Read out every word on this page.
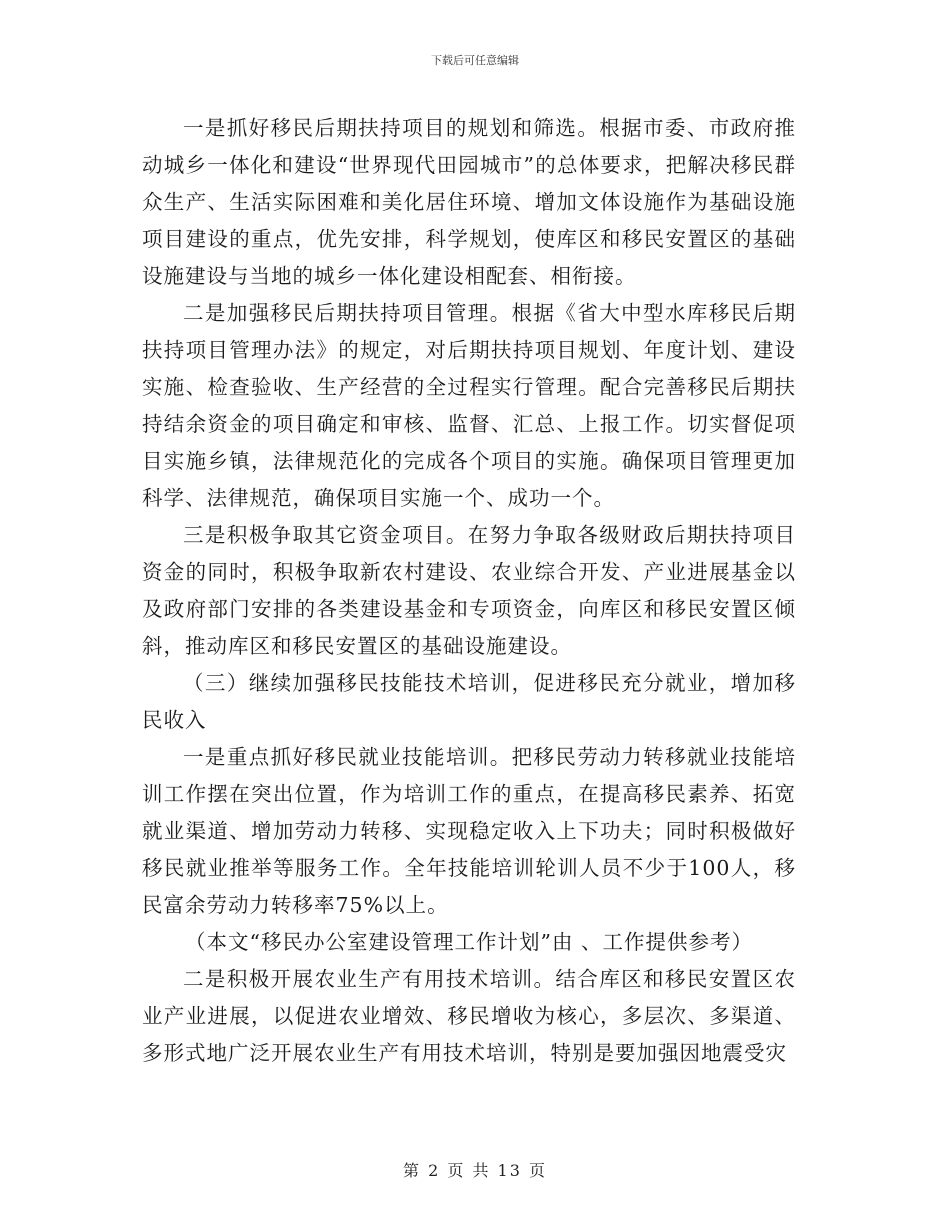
下载后可任意编辑

一是抓好移民后期扶持项目的规划和筛选。根据市委、市政府推动城乡一体化和建设“世界现代田园城市”的总体要求，把解决移民群众生产、生活实际困难和美化居住环境、增加文体设施作为基础设施项目建设的重点，优先安排，科学规划，使库区和移民安置区的基础设施建设与当地的城乡一体化建设相配套、相衔接。

二是加强移民后期扶持项目管理。根据《省大中型水库移民后期扶持项目管理办法》的规定，对后期扶持项目规划、年度计划、建设实施、检查验收、生产经营的全过程实行管理。配合完善移民后期扶持结余资金的项目确定和审核、监督、汇总、上报工作。切实督促项目实施乡镇，法律规范化的完成各个项目的实施。确保项目管理更加科学、法律规范，确保项目实施一个、成功一个。

三是积极争取其它资金项目。在努力争取各级财政后期扶持项目资金的同时，积极争取新农村建设、农业综合开发、产业进展基金以及政府部门安排的各类建设基金和专项资金，向库区和移民安置区倾斜，推动库区和移民安置区的基础设施建设。

（三）继续加强移民技能技术培训，促进移民充分就业，增加移民收入

一是重点抓好移民就业技能培训。把移民劳动力转移就业技能培训工作摆在突出位置，作为培训工作的重点，在提高移民素养、拓宽就业渠道、增加劳动力转移、实现稳定收入上下功夫；同时积极做好移民就业推举等服务工作。全年技能培训轮训人员不少于100人，移民富余劳动力转移率75%以上。

（本文“移民办公室建设管理工作计划”由 、工作提供参考）

二是积极开展农业生产有用技术培训。结合库区和移民安置区农业产业进展，以促进农业增效、移民增收为核心，多层次、多渠道、多形式地广泛开展农业生产有用技术培训，特别是要加强因地震受灾

第 2 页 共 13 页
